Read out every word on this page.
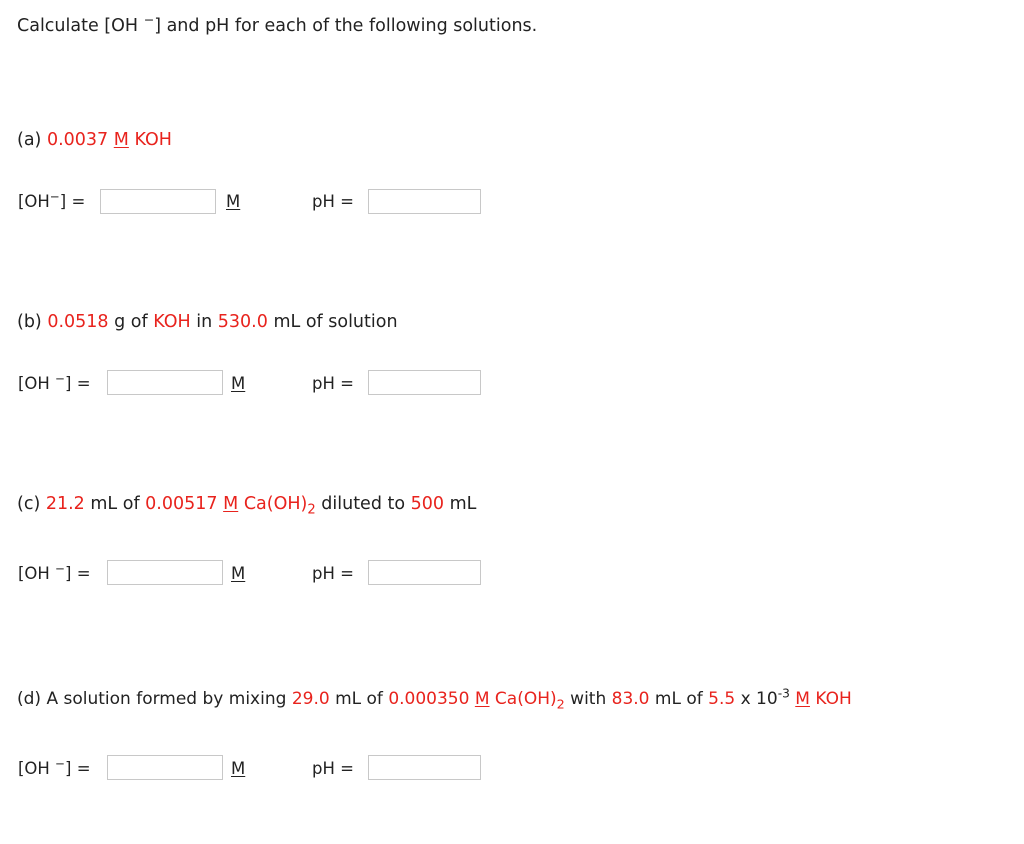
Calculate [OH −] and pH for each of the following solutions.
(a) 0.0037 M KOH
[OH−] =	M	pH =
(b) 0.0518 g of KOH in 530.0 mL of solution
[OH −] =	M	pH =
(c) 21.2 mL of 0.00517 M $Ca(OH)_2$ diluted to 500 mL
[OH −] =	M	pH =
(d) A solution formed by mixing 29.0 mL of 0.000350 M $Ca(OH)_2$ with 83.0 mL of 5.5 x $10^{-3}$ M KOH
[OH −] =	M	pH =
